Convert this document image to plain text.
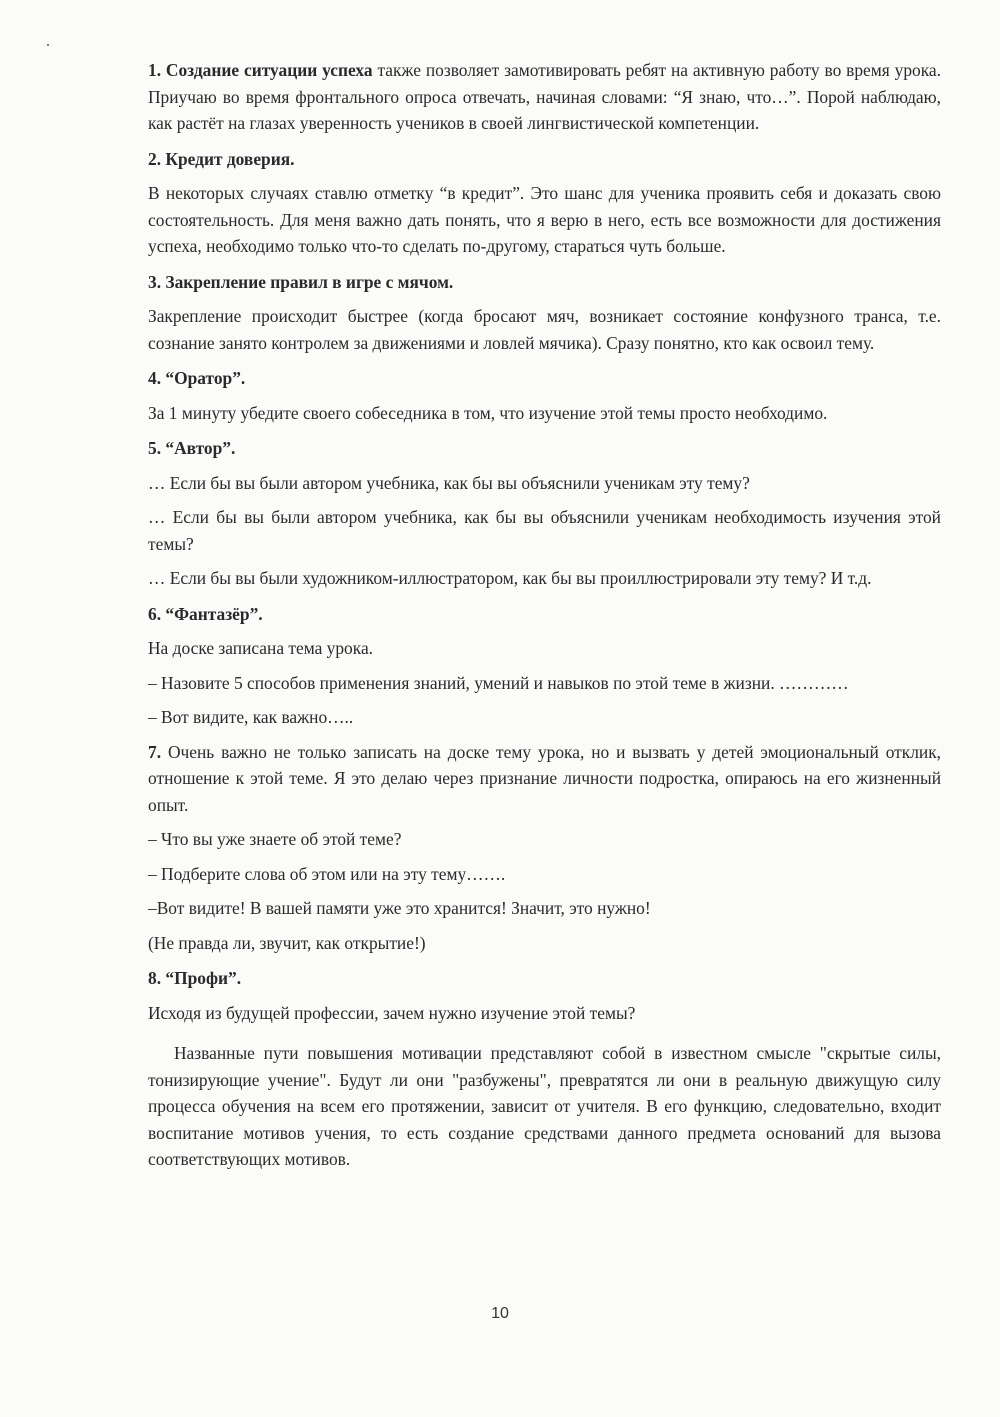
1. Создание ситуации успеха также позволяет замотивировать ребят на активную работу во время урока. Приучаю во время фронтального опроса отвечать, начиная словами: “Я знаю, что…”. Порой наблюдаю, как растёт на глазах уверенность учеников в своей лингвистической компетенции.

2. Кредит доверия.

В некоторых случаях ставлю отметку “в кредит”. Это шанс для ученика проявить себя и доказать свою состоятельность. Для меня важно дать понять, что я верю в него, есть все возможности для достижения успеха, необходимо только что-то сделать по-другому, стараться чуть больше.

3. Закрепление правил в игре с мячом.

Закрепление происходит быстрее (когда бросают мяч, возникает состояние конфузного транса, т.е. сознание занято контролем за движениями и ловлей мячика). Сразу понятно, кто как освоил тему.

4. “Оратор”.

За 1 минуту убедите своего собеседника в том, что изучение этой темы просто необходимо.

5. “Автор”.

… Если бы вы были автором учебника, как бы вы объяснили ученикам эту тему?

… Если бы вы были автором учебника, как бы вы объяснили ученикам необходимость изучения этой темы?

… Если бы вы были художником-иллюстратором, как бы вы проиллюстрировали эту тему? И т.д.

6. “Фантазёр”.

На доске записана тема урока.

– Назовите 5 способов применения знаний, умений и навыков по этой теме в жизни. …………

– Вот видите, как важно…..

7. Очень важно не только записать на доске тему урока, но и вызвать у детей эмоциональный отклик, отношение к этой теме. Я это делаю через признание личности подростка, опираюсь на его жизненный опыт.

– Что вы уже знаете об этой теме?

– Подберите слова об этом или на эту тему…….

–Вот видите! В вашей памяти уже это хранится! Значит, это нужно!

(Не правда ли, звучит, как открытие!)

8. “Профи”.

Исходя из будущей профессии, зачем нужно изучение этой темы?

Названные пути повышения мотивации представляют собой в известном смысле "скрытые силы, тонизирующие учение". Будут ли они "разбужены", превратятся ли они в реальную движущую силу процесса обучения на всем его протяжении, зависит от учителя. В его функцию, следовательно, входит воспитание мотивов учения, то есть создание средствами данного предмета оснований для вызова соответствующих мотивов.

10
